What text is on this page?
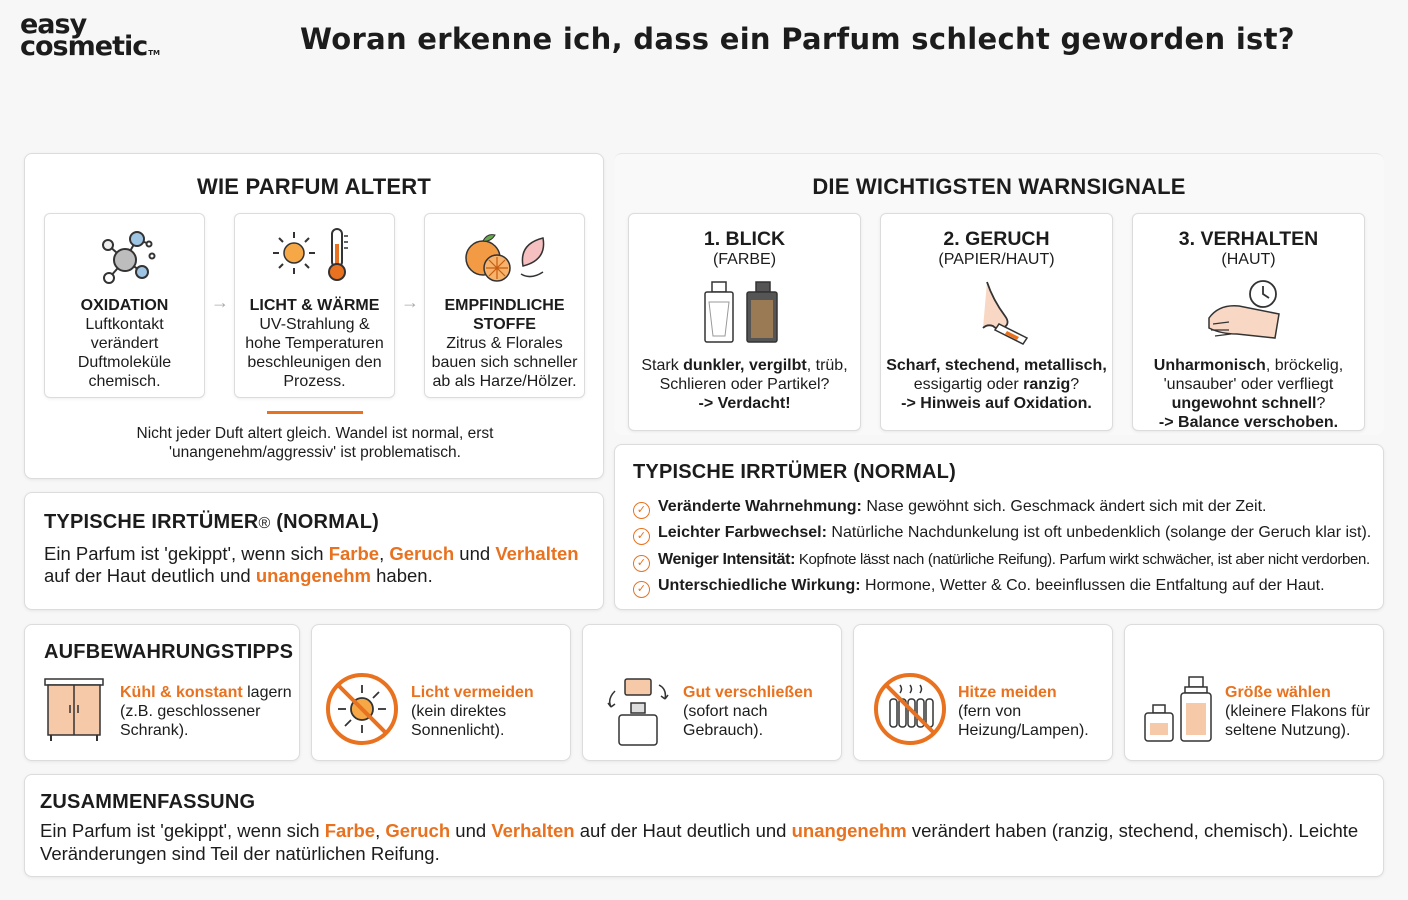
easy
cosmetic TM	Woran erkenne ich, dass ein Parfum schlecht geworden ist?
WIE PARFUM ALTERT
OXIDATION
Luftkontakt verändert Duftmoleküle chemisch.
→	LICHT & WÄRME
UV-Strahlung & hohe Temperaturen beschleunigen den Prozess.
→	EMPFINDLICHE
STOFFE
Zitrus & Florales bauen sich schneller ab als Harze/Hölzer.
Nicht jeder Duft altert gleich. Wandel ist normal, erst 'unangenehm/aggressiv' ist problematisch.
TYPISCHE IRRTÜMER® (NORMAL)
Ein Parfum ist 'gekippt', wenn sich Farbe, Geruch und Verhalten
auf der Haut deutlich und unangenehm haben.
DIE WICHTIGSTEN WARNSIGNALE
1. BLICK
(FARBE)
Stark dunkler, vergilbt, trüb,
Schlieren oder Partikel?
-> Verdacht!
2. GERUCH
(PAPIER/HAUT)
Scharf, stechend, metallisch,
essigartig oder ranzig?
-> Hinweis auf Oxidation.
3. VERHALTEN
(HAUT)
Unharmonisch, bröckelig,
'unsauber' oder verfliegt
ungewohnt schnell?
-> Balance verschoben.
TYPISCHE IRRTÜMER (NORMAL)
✓ Veränderte Wahrnehmung: Nase gewöhnt sich. Geschmack ändert sich mit der Zeit.
✓ Leichter Farbwechsel: Natürliche Nachdunkelung ist oft unbedenklich (solange der Geruch klar ist).
✓ Weniger Intensität: Kopfnote lässt nach (natürliche Reifung). Parfum wirkt schwächer, ist aber nicht verdorben.
✓ Unterschiedliche Wirkung: Hormone, Wetter & Co. beeinflussen die Entfaltung auf der Haut.
AUFBEWAHRUNGSTIPPS
Kühl & konstant lagern
(z.B. geschlossener
Schrank).
Licht vermeiden
(kein direktes
Sonnenlicht).
Gut verschließen
(sofort nach
Gebrauch).
Hitze meiden
(fern von
Heizung/Lampen).
Größe wählen
(kleinere Flakons für
seltene Nutzung).
ZUSAMMENFASSUNG
Ein Parfum ist 'gekippt', wenn sich Farbe, Geruch und Verhalten auf der Haut deutlich und unangenehm verändert haben (ranzig, stechend, chemisch). Leichte
Veränderungen sind Teil der natürlichen Reifung.
